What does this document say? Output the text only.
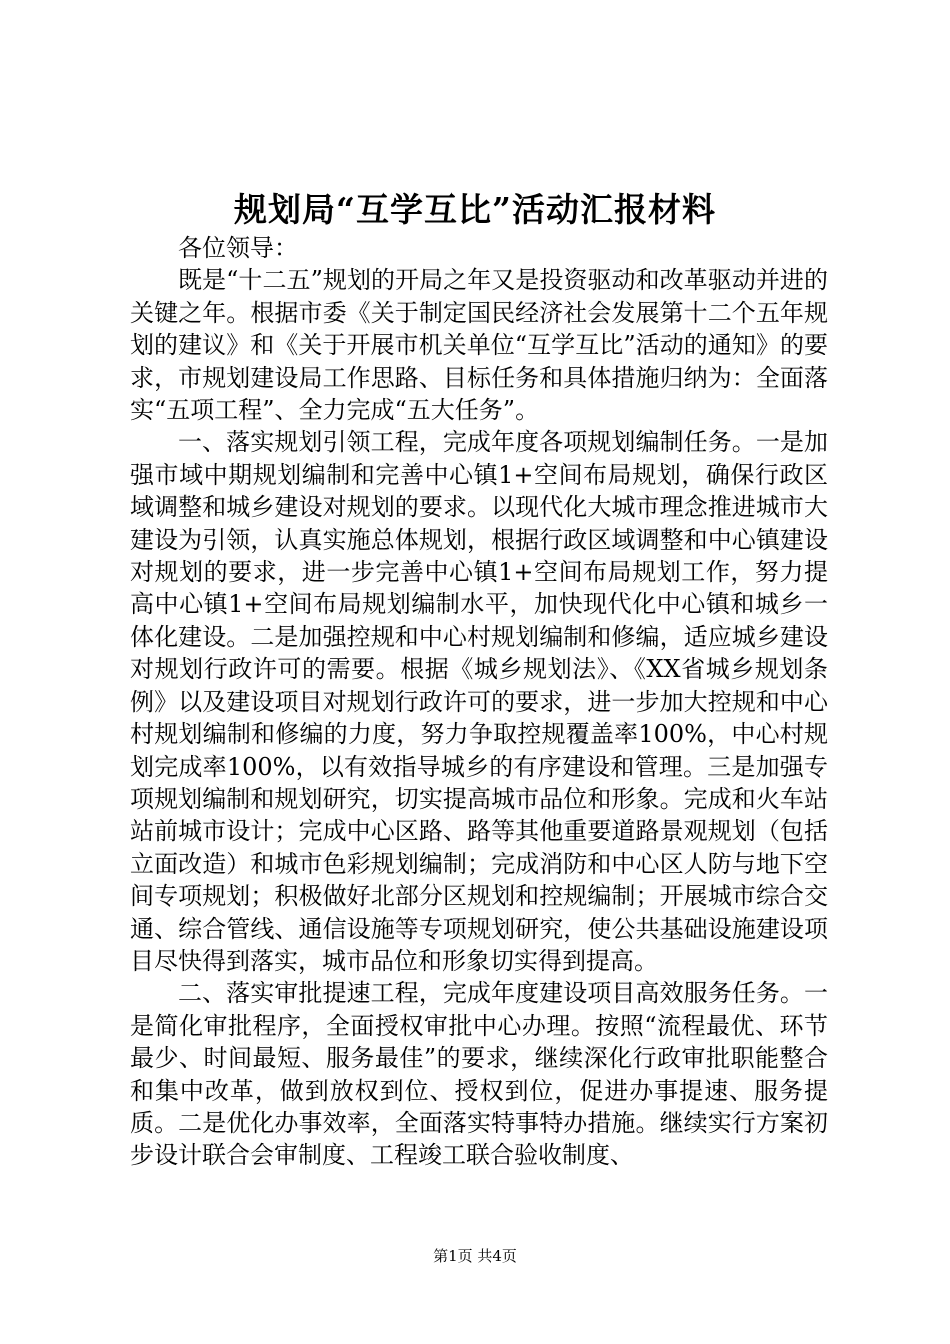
规划局“互学互比”活动汇报材料

各位领导：

既是“十二五”规划的开局之年又是投资驱动和改革驱动并进的关键之年。根据市委《关于制定国民经济社会发展第十二个五年规划的建议》和《关于开展市机关单位“互学互比”活动的通知》的要求，市规划建设局工作思路、目标任务和具体措施归纳为：全面落实“五项工程”、全力完成“五大任务”。

一、落实规划引领工程，完成年度各项规划编制任务。一是加强市域中期规划编制和完善中心镇1+空间布局规划，确保行政区域调整和城乡建设对规划的要求。以现代化大城市理念推进城市大建设为引领，认真实施总体规划，根据行政区域调整和中心镇建设对规划的要求，进一步完善中心镇1+空间布局规划工作，努力提高中心镇1+空间布局规划编制水平，加快现代化中心镇和城乡一体化建设。二是加强控规和中心村规划编制和修编，适应城乡建设对规划行政许可的需要。根据《城乡规划法》、《XX省城乡规划条例》以及建设项目对规划行政许可的要求，进一步加大控规和中心村规划编制和修编的力度，努力争取控规覆盖率100%，中心村规划完成率100%，以有效指导城乡的有序建设和管理。三是加强专项规划编制和规划研究，切实提高城市品位和形象。完成和火车站站前城市设计；完成中心区路、路等其他重要道路景观规划（包括立面改造）和城市色彩规划编制；完成消防和中心区人防与地下空间专项规划；积极做好北部分区规划和控规编制；开展城市综合交通、综合管线、通信设施等专项规划研究，使公共基础设施建设项目尽快得到落实，城市品位和形象切实得到提高。

二、落实审批提速工程，完成年度建设项目高效服务任务。一是简化审批程序，全面授权审批中心办理。按照“流程最优、环节最少、时间最短、服务最佳”的要求，继续深化行政审批职能整合和集中改革，做到放权到位、授权到位，促进办事提速、服务提质。二是优化办事效率，全面落实特事特办措施。继续实行方案初步设计联合会审制度、工程竣工联合验收制度、

第1页 共4页
